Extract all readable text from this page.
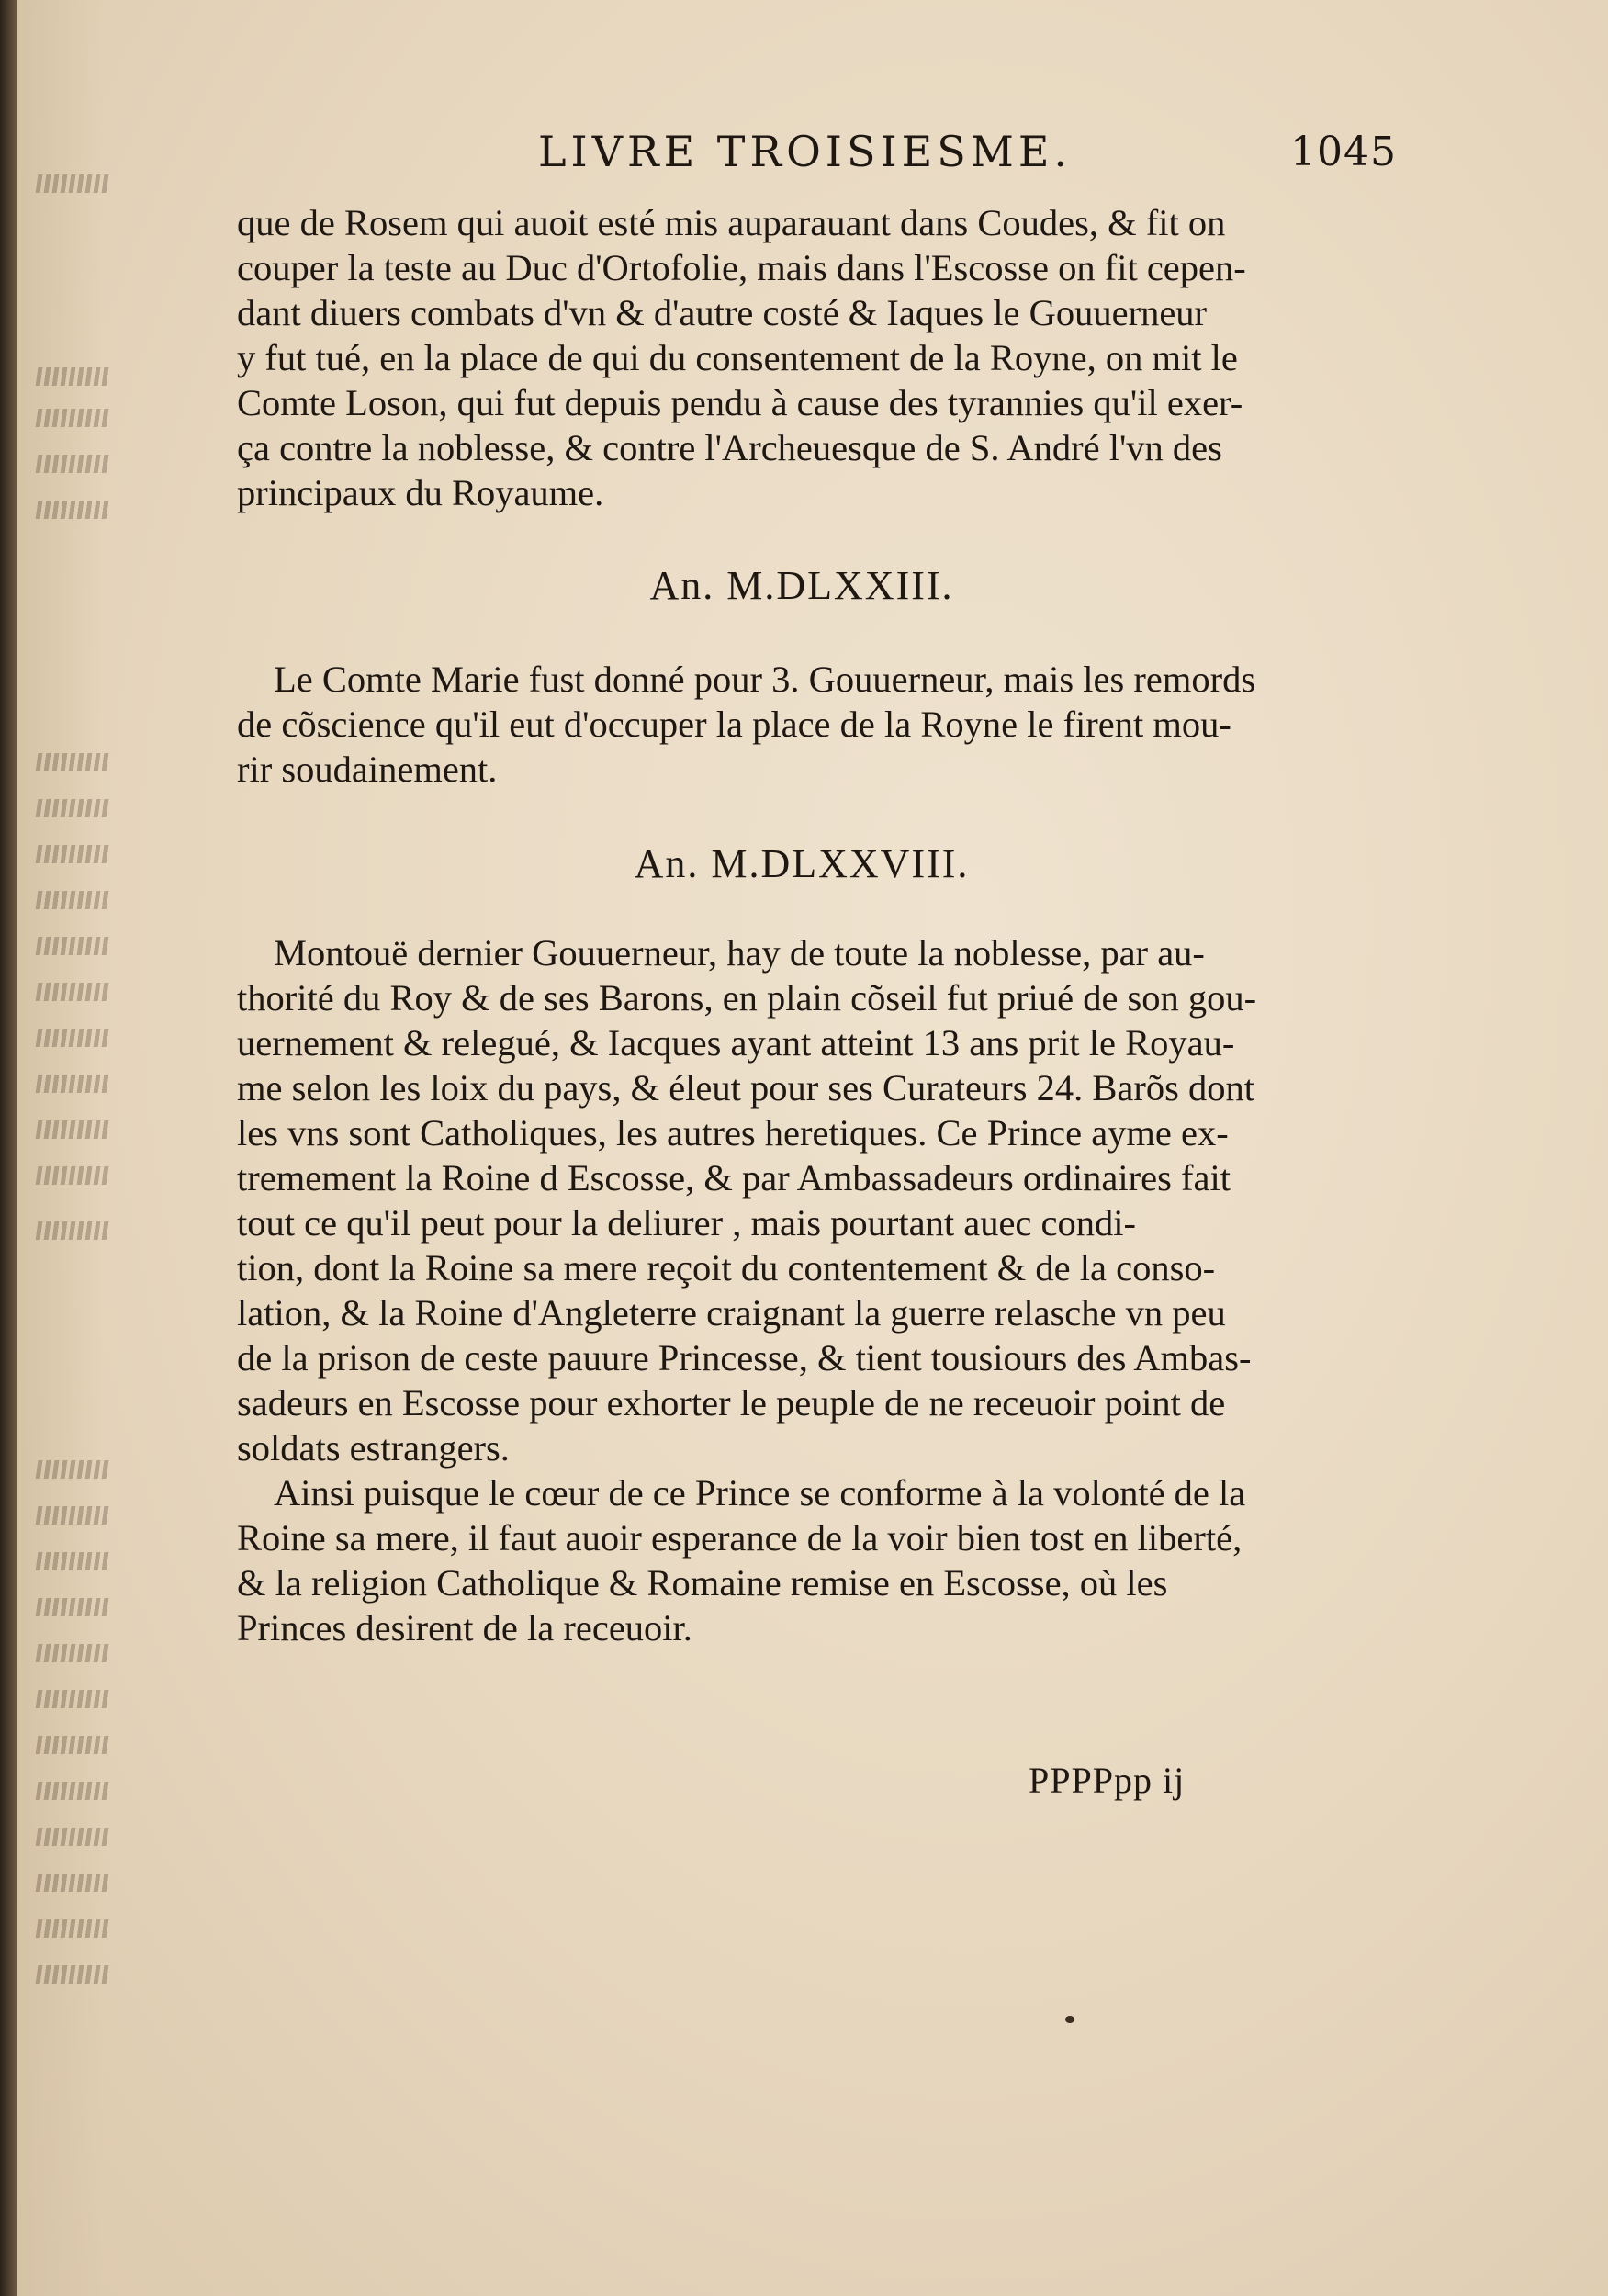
LIVRE TROISIESME.	1045
que de Rosem qui auoit esté mis auparauant dans Coudes, & fit on
couper la teste au Duc d'Ortofolie, mais dans l'Escosse on fit cepen-
dant diuers combats d'vn & d'autre costé & Iaques le Gouuerneur
y fut tué, en la place de qui du consentement de la Royne, on mit le
Comte Loson, qui fut depuis pendu à cause des tyrannies qu'il exer-
ça contre la noblesse, & contre l'Archeuesque de S. André l'vn des
principaux du Royaume.
An. M.DLXXIII.
Le Comte Marie fust donné pour 3. Gouuerneur, mais les remords
de cõscience qu'il eut d'occuper la place de la Royne le firent mou-
rir soudainement.
An. M.DLXXVIII.
Montouë dernier Gouuerneur, hay de toute la noblesse, par au-
thorité du Roy & de ses Barons, en plain cõseil fut priué de son gou-
uernement & relegué, & Iacques ayant atteint 13 ans prit le Royau-
me selon les loix du pays, & éleut pour ses Curateurs 24. Barõs dont
les vns sont Catholiques, les autres heretiques. Ce Prince ayme ex-
tremement la Roine d Escosse, & par Ambassadeurs ordinaires fait
tout ce qu'il peut pour la deliurer , mais pourtant auec condi-
tion, dont la Roine sa mere reçoit du contentement & de la conso-
lation, & la Roine d'Angleterre craignant la guerre relasche vn peu
de la prison de ceste pauure Princesse, & tient tousiours des Ambas-
sadeurs en Escosse pour exhorter le peuple de ne receuoir point de
soldats estrangers.
Ainsi puisque le cœur de ce Prince se conforme à la volonté de la
Roine sa mere, il faut auoir esperance de la voir bien tost en liberté,
& la religion Catholique & Romaine remise en Escosse, où les
Princes desirent de la receuoir.
PPPPpp ij
